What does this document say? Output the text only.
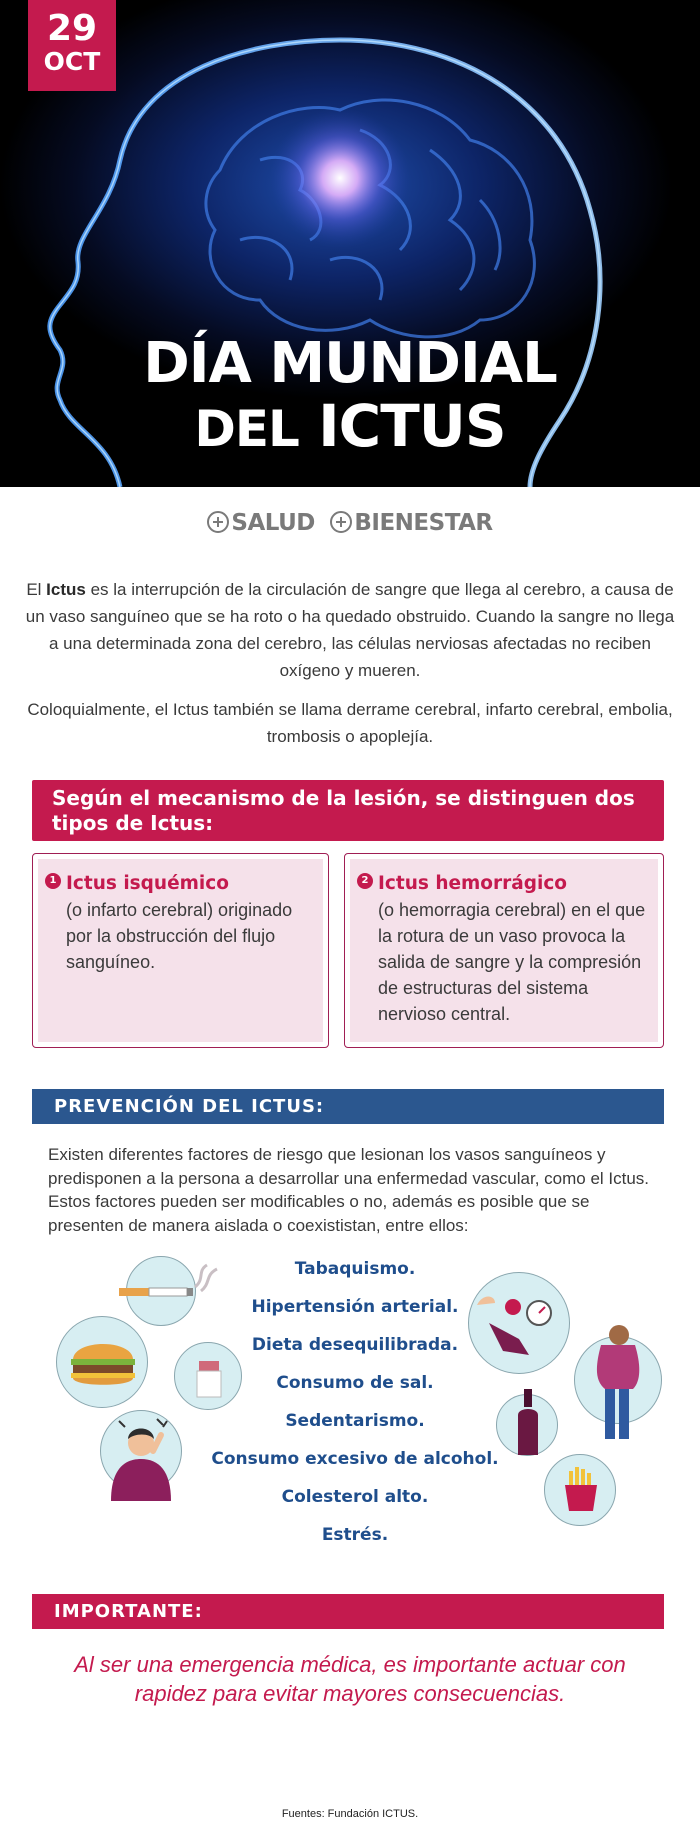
29
OCT
DÍA MUNDIAL
DEL ICTUS
SALUD BIENESTAR

El Ictus es la interrupción de la circulación de sangre que llega al cerebro, a causa de un vaso sanguíneo que se ha roto o ha quedado obstruido. Cuando la sangre no llega a una determinada zona del cerebro, las células nerviosas afectadas no reciben oxígeno y mueren.

Coloquialmente, el Ictus también se llama derrame cerebral, infarto cerebral, embolia, trombosis o apoplejía.

Según el mecanismo de la lesión, se distinguen dos tipos de Ictus:
1 Ictus isquémico
(o infarto cerebral) originado por la obstrucción del flujo sanguíneo.
2 Ictus hemorrágico
(o hemorragia cerebral) en el que la rotura de un vaso provoca la salida de sangre y la compresión de estructuras del sistema nervioso central.
PREVENCIÓN DEL ICTUS:

Existen diferentes factores de riesgo que lesionan los vasos sanguíneos y predisponen a la persona a desarrollar una enfermedad vascular, como el Ictus. Estos factores pueden ser modificables o no, además es posible que se presenten de manera aislada o coexististan, entre ellos:

Tabaquismo.
Hipertensión arterial.
Dieta desequilibrada.
Consumo de sal.
Sedentarismo.
Consumo excesivo de alcohol.
Colesterol alto.
Estrés.
IMPORTANTE:

Al ser una emergencia médica, es importante actuar con rapidez para evitar mayores consecuencias.

Fuentes: Fundación ICTUS.
